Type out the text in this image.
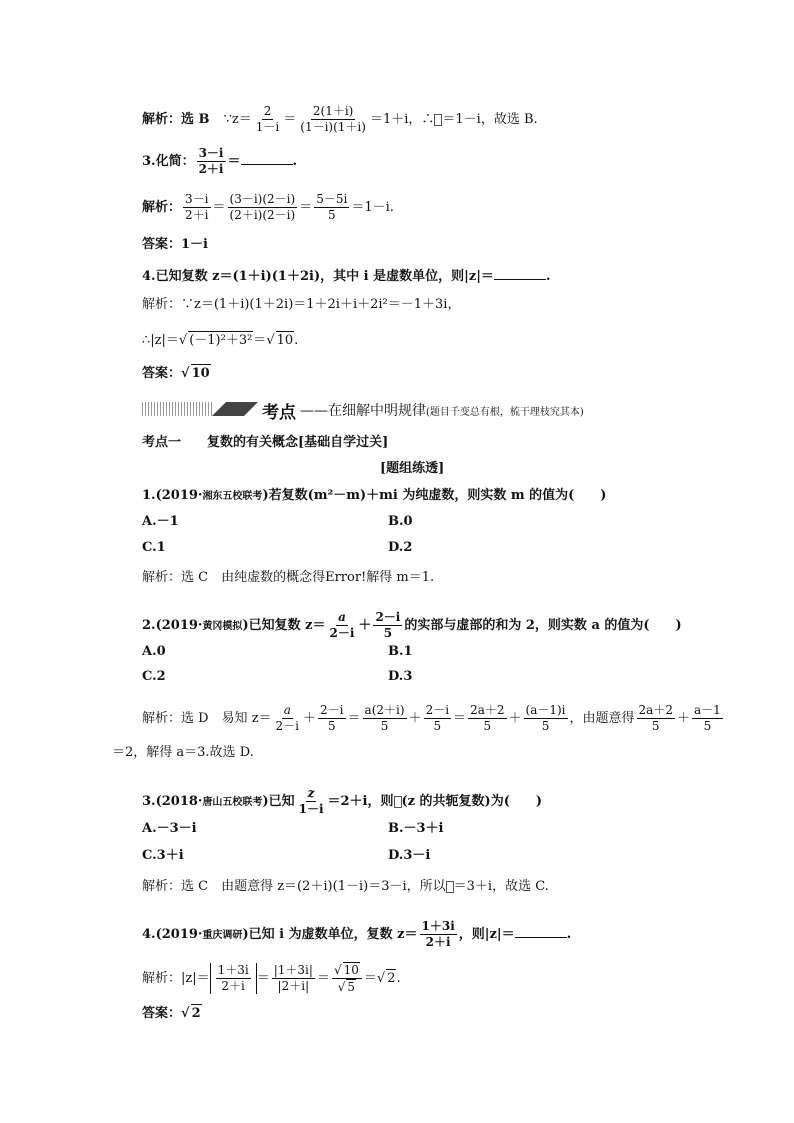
解析：选 B ∵z＝ $\frac{2}{1-i} = \frac{2(1+i)}{(1-i)(1+i)} =1+i$，∴ ＝1－i，故选 B.
3.化简： $\frac{3-i}{2+i}$ ＝	.
解析： $\frac{3-i}{2+i} = \frac{(3-i)(2-i)}{(2+i)(2-i)} = \frac{5-5i}{5} =1-i$.
答案：1－i
4.已知复数 z＝(1＋i)(1＋2i)，其中 i 是虚数单位，则|z|＝	.
解析：∵z＝(1＋i)(1＋2i)＝1＋2i＋i＋2i²＝－1＋3i，
∴|z|＝√ (－1)²＋3²＝√ 10.
答案：√ 10
考点 ——在细解中明规律(题目千变总有根，梳干理枝究其本)
考点一　　复数的有关概念[基础自学过关]
[题组练透]
1.(2019·湘东五校联考)若复数(m²－m)＋mi 为纯虚数，则实数 m 的值为(　　)
A.－1	B.0
C.1	D.2
解析：选 C　由纯虚数的概念得Error!解得 m＝1.
2.(2019·黄冈模拟)已知复数 $z= \frac{a}{2-i} + \frac{2-i}{5}$ 的实部与虚部的和为 2，则实数 a 的值为(　　)
A.0	B.1
C.2	D.3
解析：选 D　易知 $z= \frac{a}{2-i} + \frac{2-i}{5} = \frac{a(2+i)}{5} + \frac{2-i}{5} = \frac{2a+2}{5} + \frac{(a-1)i}{5}$ ，由题意得 $\frac{2a+2}{5} + \frac{a-1}{5}$
＝2，解得 a＝3.故选 D.
3.(2018·唐山五校联考)已知 $\frac{z}{1-i} =2+i$，则 (z 的共轭复数)为(　　)
A.－3－i	B.－3＋i
C.3＋i	D.3－i
解析：选 C　由题意得 z＝(2＋i)(1－i)＝3－i，所以 ＝3＋i，故选 C.
4.(2019·重庆调研)已知 i 为虚数单位，复数 $z= \frac{1+3i}{2+i}$ ，则|z|＝	.
解析：$|z|= \frac{1+3i}{2+i} = \frac{|1+3i|}{|2+i|} = \frac{√ 10}{√ 5}$ ＝√ 2.
答案：√ 2
